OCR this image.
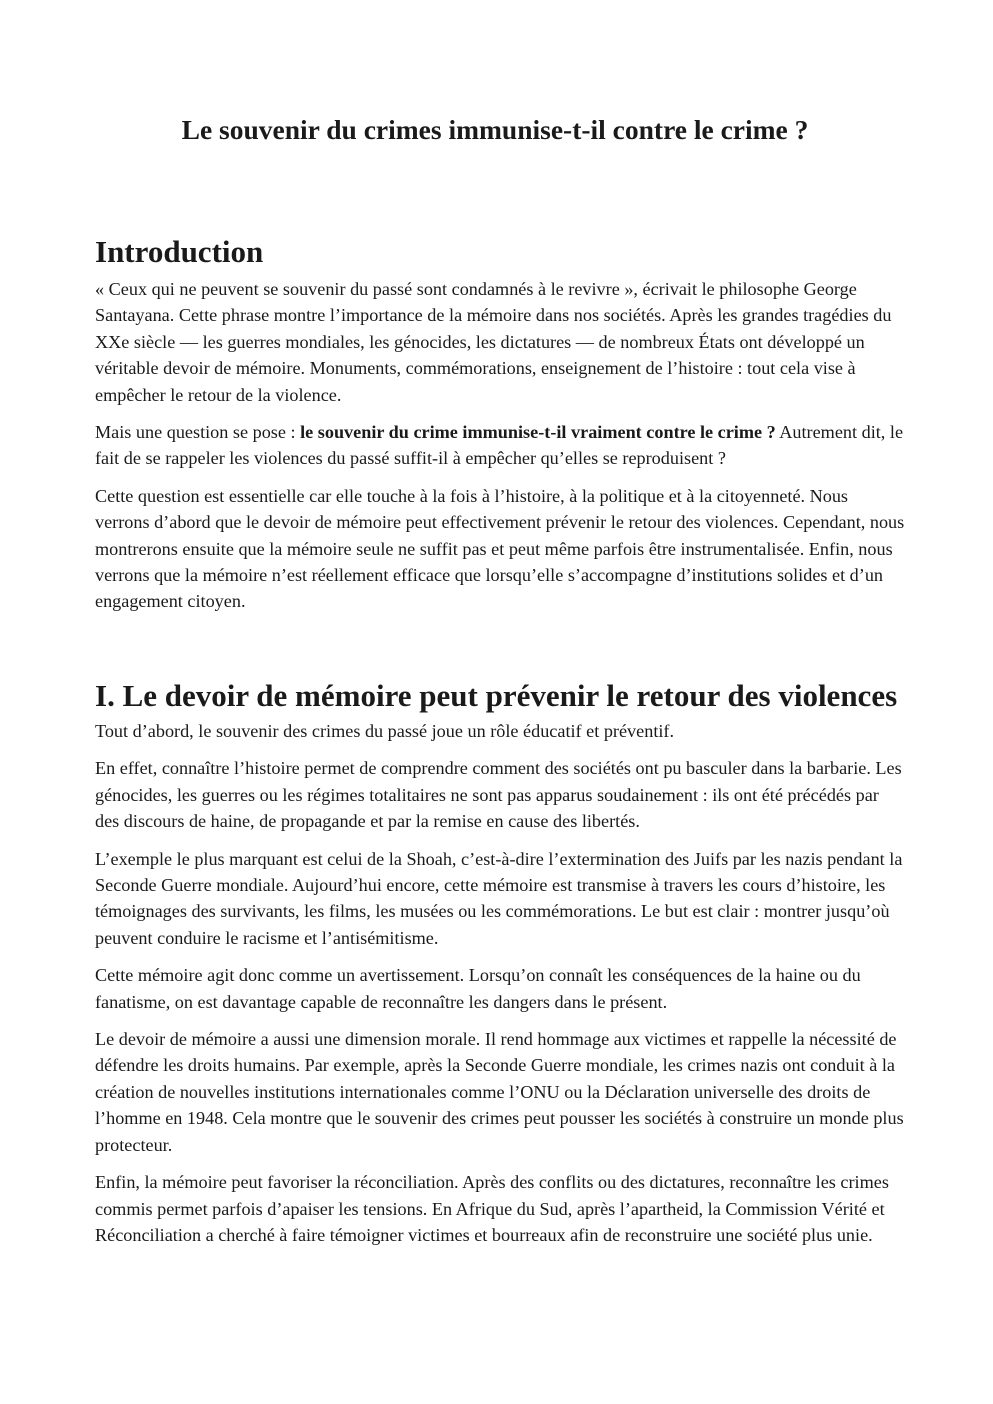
Le souvenir du crimes immunise-t-il contre le crime ?
Introduction

« Ceux qui ne peuvent se souvenir du passé sont condamnés à le revivre », écrivait le philosophe George Santayana. Cette phrase montre l’importance de la mémoire dans nos sociétés. Après les grandes tragédies du XXe siècle — les guerres mondiales, les génocides, les dictatures — de nombreux États ont développé un véritable devoir de mémoire. Monuments, commémorations, enseignement de l’histoire : tout cela vise à empêcher le retour de la violence.

Mais une question se pose : le souvenir du crime immunise-t-il vraiment contre le crime ? Autrement dit, le fait de se rappeler les violences du passé suffit-il à empêcher qu’elles se reproduisent ?

Cette question est essentielle car elle touche à la fois à l’histoire, à la politique et à la citoyenneté. Nous verrons d’abord que le devoir de mémoire peut effectivement prévenir le retour des violences. Cependant, nous montrerons ensuite que la mémoire seule ne suffit pas et peut même parfois être instrumentalisée. Enfin, nous verrons que la mémoire n’est réellement efficace que lorsqu’elle s’accompagne d’institutions solides et d’un engagement citoyen.

I. Le devoir de mémoire peut prévenir le retour des violences

Tout d’abord, le souvenir des crimes du passé joue un rôle éducatif et préventif.

En effet, connaître l’histoire permet de comprendre comment des sociétés ont pu basculer dans la barbarie. Les génocides, les guerres ou les régimes totalitaires ne sont pas apparus soudainement : ils ont été précédés par des discours de haine, de propagande et par la remise en cause des libertés.

L’exemple le plus marquant est celui de la Shoah, c’est-à-dire l’extermination des Juifs par les nazis pendant la Seconde Guerre mondiale. Aujourd’hui encore, cette mémoire est transmise à travers les cours d’histoire, les témoignages des survivants, les films, les musées ou les commémorations. Le but est clair : montrer jusqu’où peuvent conduire le racisme et l’antisémitisme.

Cette mémoire agit donc comme un avertissement. Lorsqu’on connaît les conséquences de la haine ou du fanatisme, on est davantage capable de reconnaître les dangers dans le présent.

Le devoir de mémoire a aussi une dimension morale. Il rend hommage aux victimes et rappelle la nécessité de défendre les droits humains. Par exemple, après la Seconde Guerre mondiale, les crimes nazis ont conduit à la création de nouvelles institutions internationales comme l’ONU ou la Déclaration universelle des droits de l’homme en 1948. Cela montre que le souvenir des crimes peut pousser les sociétés à construire un monde plus protecteur.

Enfin, la mémoire peut favoriser la réconciliation. Après des conflits ou des dictatures, reconnaître les crimes commis permet parfois d’apaiser les tensions. En Afrique du Sud, après l’apartheid, la Commission Vérité et Réconciliation a cherché à faire témoigner victimes et bourreaux afin de reconstruire une société plus unie.
